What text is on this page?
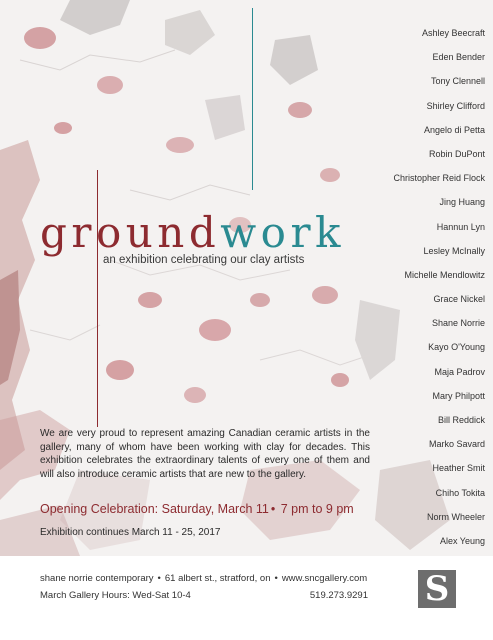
groundwork
an exhibition celebrating our clay artists
Ashley Beecraft
Eden Bender
Tony Clennell
Shirley Clifford
Angelo di Petta
Robin DuPont
Christopher Reid Flock
Jing Huang
Hannun Lyn
Lesley McInally
Michelle Mendlowitz
Grace Nickel
Shane Norrie
Kayo O'Young
Maja Padrov
Mary Philpott
Bill Reddick
Marko Savard
Heather Smit
Chiho Tokita
Norm Wheeler
Alex Yeung

We are very proud to represent amazing Canadian ceramic artists in the gallery, many of whom have been working with clay for decades. This exhibition celebrates the extraordinary talents of every one of them and will also introduce ceramic artists that are new to the gallery.

Opening Celebration: Saturday, March 11 • 7 pm to 9 pm
Exhibition continues March 11 - 25, 2017
shane norrie contemporary • 61 albert st., stratford, on • www.sncgallery.com
March Gallery Hours: Wed-Sat 10-4	519.273.9291 S
